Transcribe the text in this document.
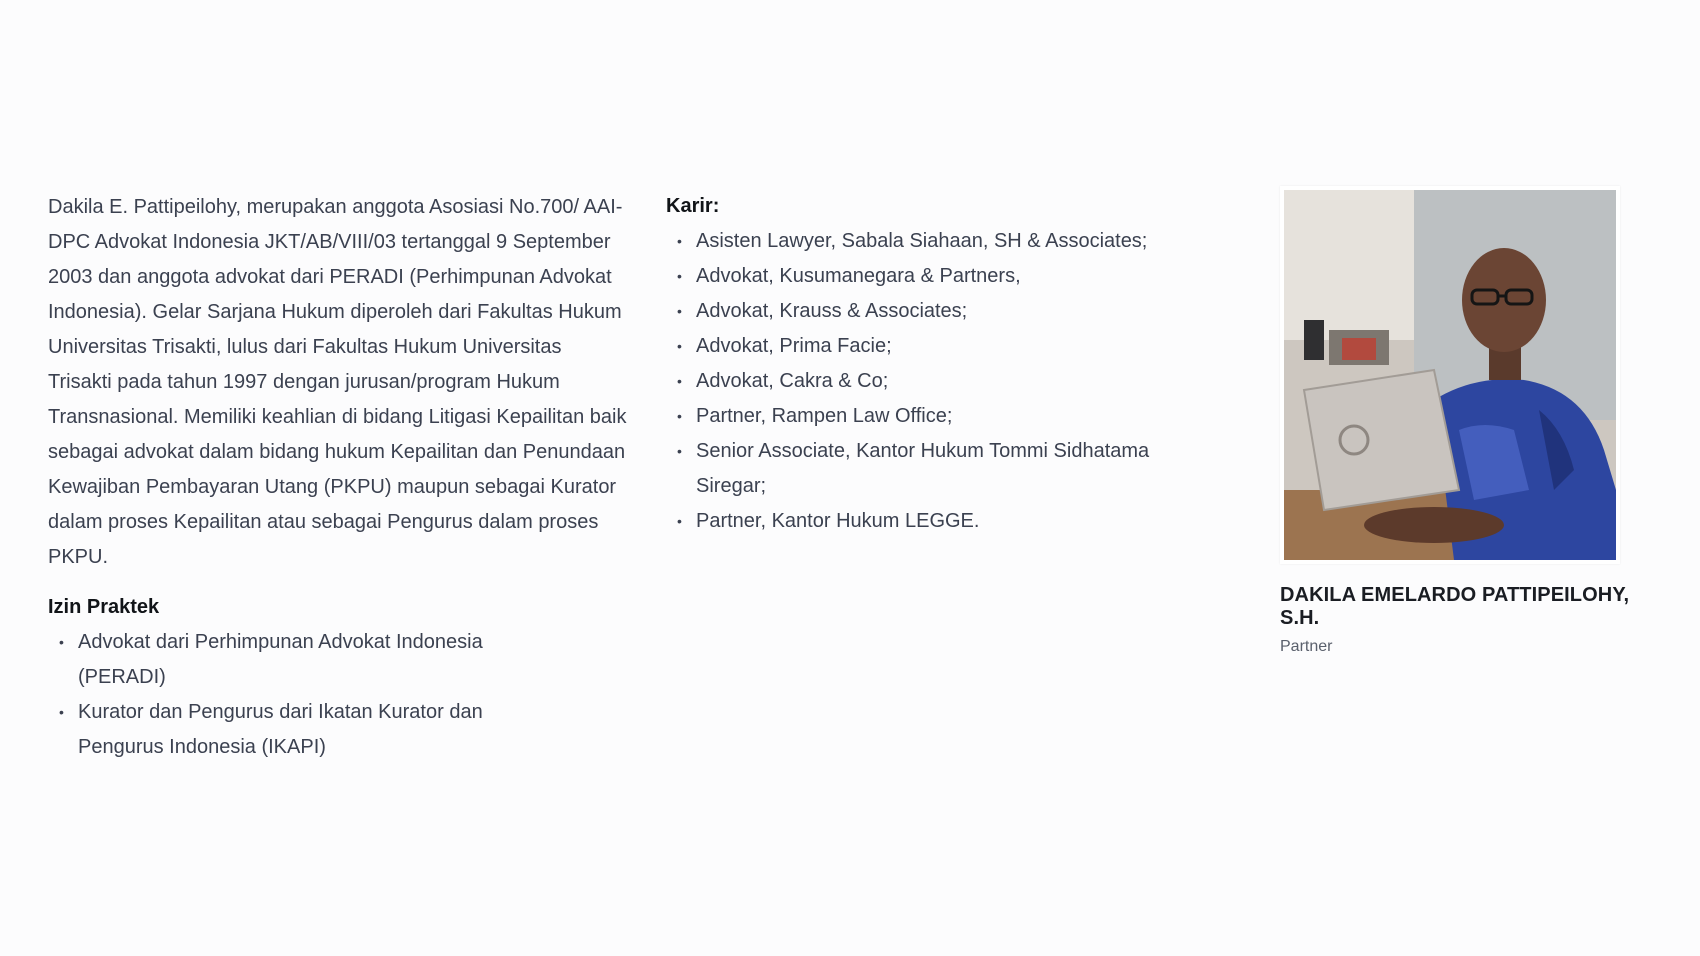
Dakila E. Pattipeilohy, merupakan anggota Asosiasi No.700/ AAI-DPC Advokat Indonesia JKT/AB/VIII/03 tertanggal 9 September 2003 dan anggota advokat dari PERADI (Perhimpunan Advokat Indonesia). Gelar Sarjana Hukum diperoleh dari Fakultas Hukum Universitas Trisakti, lulus dari Fakultas Hukum Universitas Trisakti pada tahun 1997 dengan jurusan/program Hukum Transnasional. Memiliki keahlian di bidang Litigasi Kepailitan baik sebagai advokat dalam bidang hukum Kepailitan dan Penundaan Kewajiban Pembayaran Utang (PKPU) maupun sebagai Kurator dalam proses Kepailitan atau sebagai Pengurus dalam proses PKPU.

Izin Praktek
• Advokat dari Perhimpunan Advokat Indonesia (PERADI)
• Kurator dan Pengurus dari Ikatan Kurator dan Pengurus Indonesia (IKAPI)
Karir:
• Asisten Lawyer, Sabala Siahaan, SH & Associates;
• Advokat, Kusumanegara & Partners,
• Advokat, Krauss & Associates;
• Advokat, Prima Facie;
• Advokat, Cakra & Co;
• Partner, Rampen Law Office;
• Senior Associate, Kantor Hukum Tommi Sidhatama Siregar;
• Partner, Kantor Hukum LEGGE.
DAKILA EMELARDO PATTIPEILOHY, S.H.
Partner
